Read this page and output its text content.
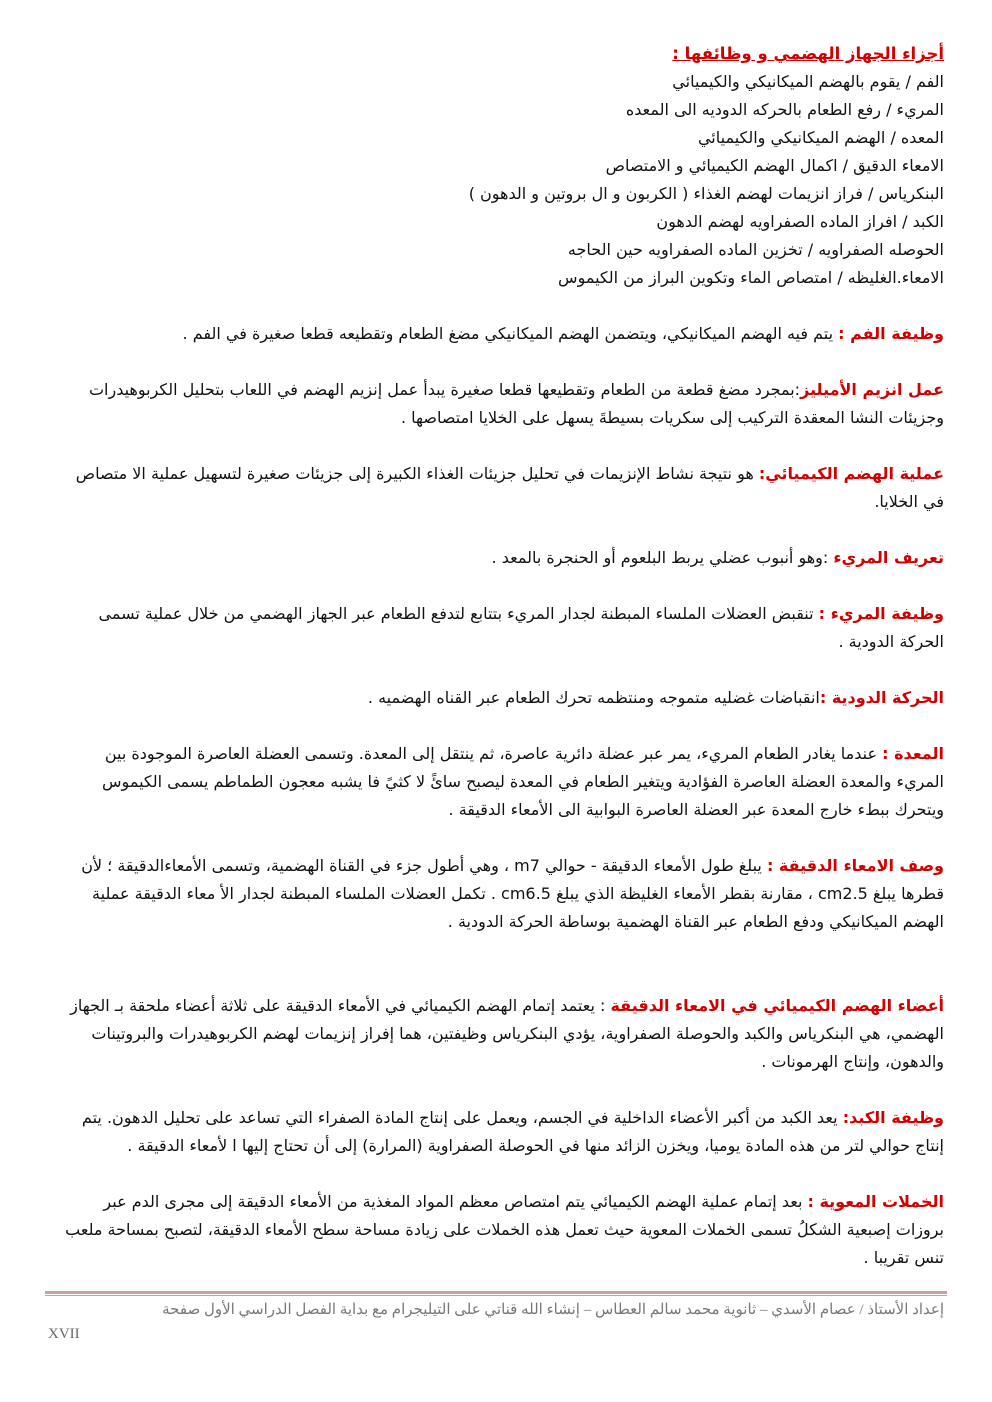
أجزاء الجهاز الهضمي و وظائفها :
الفم / يقوم بالهضم الميكانيكي والكيميائي
المريء / رفع الطعام بالحركه الدوديه الى المعده
المعده / الهضم الميكانيكي والكيميائي
الامعاء الدقيق / اكمال الهضم الكيميائي و الامتصاص
البنكرياس / فراز انزيمات لهضم الغذاء ( الكربون و ال بروتين و الدهون )
الكبد / افراز الماده الصفراويه لهضم الدهون
الحوصله الصفراويه / تخزين الماده الصفراويه حين الحاجه
الامعاء.الغليظه / امتصاص الماء وتكوين البراز من الكيموس

وظيفة الفم : يتم فيه الهضم الميكانيكي، ويتضمن الهضم الميكانيكي مضغ الطعام وتقطيعه قطعا صغيرة في الفم .

عمل انزيم الأميليز:بمجرد مضغ قطعة من الطعام وتقطيعها قطعا صغيرة يبدأ عمل إنزيم الهضم في اللعاب بتحليل الكربوهيدرات وجزيئات النشا المعقدة التركيب إلى سكريات بسيطةَ يسهل على الخلايا امتصاصها .

عملية الهضم الكيميائي: هو نتيجة نشاط الإنزيمات في تحليل جزيئات الغذاء الكبيرة إلى جزيئات صغيرة لتسهيل عملية الا متصاص في الخلايا.

تعريف المريء :وهو أنبوب عضلي يربط البلعوم أو الحنجرة بالمعد .

وظيفة المريء : تنقبض العضلات الملساء المبطنة لجدار المريء بتتابع لتدفع الطعام عبر الجهاز الهضمي من خلال عملية تسمى الحركة الدودية .

الحركة الدودية :انقباضات غضليه متموجه ومنتظمه تحرك الطعام عبر القناه الهضميه .

المعدة : عندما يغادر الطعام المريء، يمر عبر عضلة دائرية عاصرة، ثم ينتقل إلى المعدة. وتسمى العضلة العاصرة الموجودة بين المريء والمعدة العضلة العاصرة الفؤادية ويتغير الطعام في المعدة ليصبح سائً لا كثيً فا يشبه معجون الطماطم يسمى الكيموس ويتحرك ببطء خارج المعدة عبر العضلة العاصرة البوابية الى الأمعاء الدقيقة .

وصف الامعاء الدقيقة : يبلغ طول الأمعاء الدقيقة - حوالي m7 ، وهي أطول جزء في القناة الهضمية، وتسمى الأمعاءالدقيقة ؛ لأن قطرها يبلغ cm2.5 ، مقارنة بقطر الأمعاء الغليظة الذي يبلغ cm6.5 . تكمل العضلات الملساء المبطنة لجدار الأ معاء الدقيقة عملية الهضم الميكانيكي ودفع الطعام عبر القناة الهضمية بوساطة الحركة الدودية .

أعضاء الهضم الكيميائي في الامعاء الدقيقة : يعتمد إتمام الهضم الكيميائي في الأمعاء الدقيقة على ثلاثة أعضاء ملحقة بـ الجهاز الهضمي، هي البنكرياس والكبد والحوصلة الصفراوية، يؤدي البنكرياس وظيفتين، هما إفراز إنزيمات لهضم الكربوهيدرات والبروتينات والدهون، وإنتاج الهرمونات .

وظيفة الكبد: يعد الكبد من أكبر الأعضاء الداخلية في الجسم، ويعمل على إنتاج المادة الصفراء التي تساعد على تحليل الدهون. يتم إنتاج حوالي لتر من هذه المادة يوميا، ويخزن الزائد منها في الحوصلة الصفراوية (المرارة) إلى أن تحتاج إليها ا لأمعاء الدقيقة .

الخملات المعوية : بعد إتمام عملية الهضم الكيميائي يتم امتصاص معظم المواد المغذية من الأمعاء الدقيقة إلى مجرى الدم عبر بروزات إصبعية الشكلُ تسمى الخملات المعوية حيث تعمل هذه الخملات على زيادة مساحة سطح الأمعاء الدقيقة، لتصبح بمساحة ملعب تنس تقريبا .

إعداد الأستاذ / عصام الأسدي – ثانوية محمد سالم العطاس – إنشاء الله قناتي على التيليجرام مع بداية الفصل الدراسي الأول صفحة
XVII
